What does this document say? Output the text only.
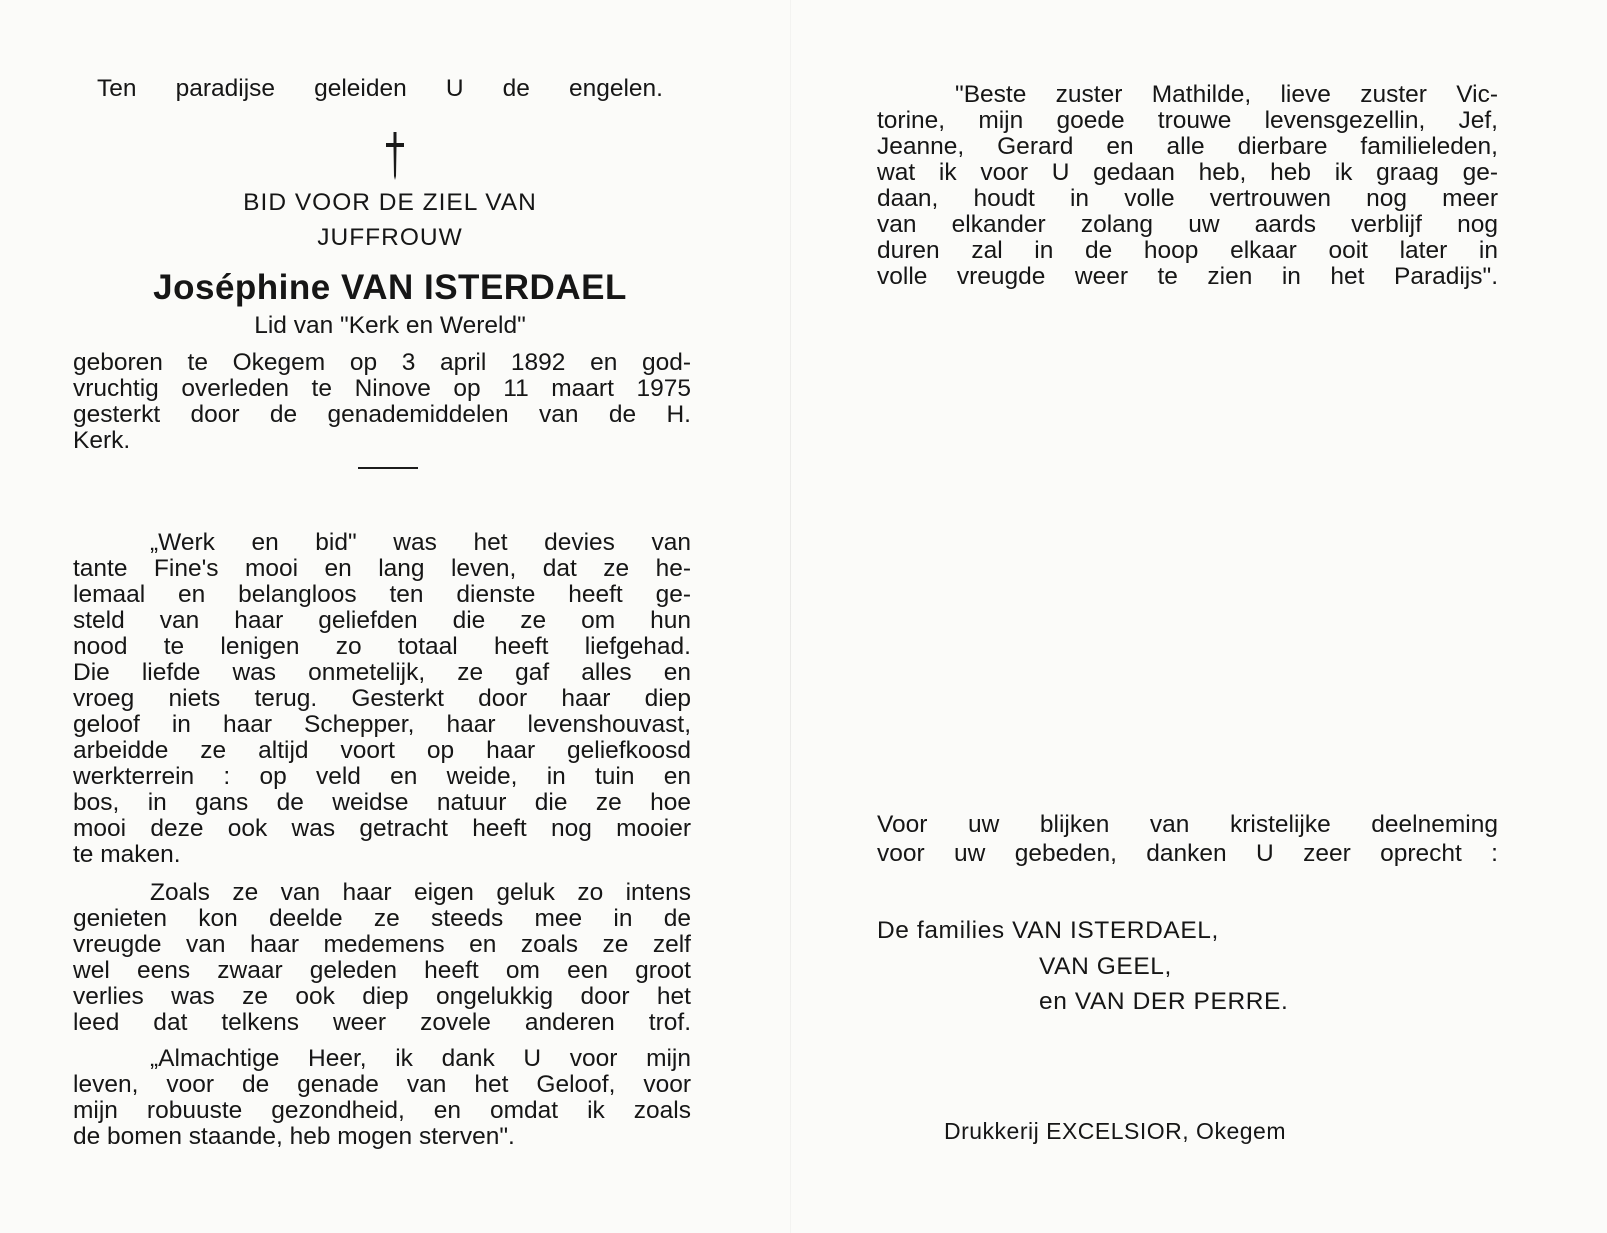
Ten paradijse geleiden U de engelen.
BID VOOR DE ZIEL VAN
JUFFROUW
Joséphine VAN ISTERDAEL
Lid van "Kerk en Wereld"
geboren te Okegem op 3 april 1892 en god-
vruchtig overleden te Ninove op 11 maart 1975
gesterkt door de genademiddelen van de H.
Kerk.
„Werk en bid" was het devies van
tante Fine's mooi en lang leven, dat ze he-
lemaal en belangloos ten dienste heeft ge-
steld van haar geliefden die ze om hun
nood te lenigen zo totaal heeft liefgehad.
Die liefde was onmetelijk, ze gaf alles en
vroeg niets terug. Gesterkt door haar diep
geloof in haar Schepper, haar levenshouvast,
arbeidde ze altijd voort op haar geliefkoosd
werkterrein : op veld en weide, in tuin en
bos, in gans de weidse natuur die ze hoe
mooi deze ook was getracht heeft nog mooier
te maken.
Zoals ze van haar eigen geluk zo intens
genieten kon deelde ze steeds mee in de
vreugde van haar medemens en zoals ze zelf
wel eens zwaar geleden heeft om een groot
verlies was ze ook diep ongelukkig door het
leed dat telkens weer zovele anderen trof.
„Almachtige Heer, ik dank U voor mijn
leven, voor de genade van het Geloof, voor
mijn robuuste gezondheid, en omdat ik zoals
de bomen staande, heb mogen sterven".
"Beste zuster Mathilde, lieve zuster Vic-
torine, mijn goede trouwe levensgezellin, Jef,
Jeanne, Gerard en alle dierbare familieleden,
wat ik voor U gedaan heb, heb ik graag ge-
daan, houdt in volle vertrouwen nog meer
van elkander zolang uw aards verblijf nog
duren zal in de hoop elkaar ooit later in
volle vreugde weer te zien in het Paradijs".
Voor uw blijken van kristelijke deelneming
voor uw gebeden, danken U zeer oprecht :
De families VAN ISTERDAEL,
VAN GEEL,
en VAN DER PERRE.
Drukkerij EXCELSIOR, Okegem
